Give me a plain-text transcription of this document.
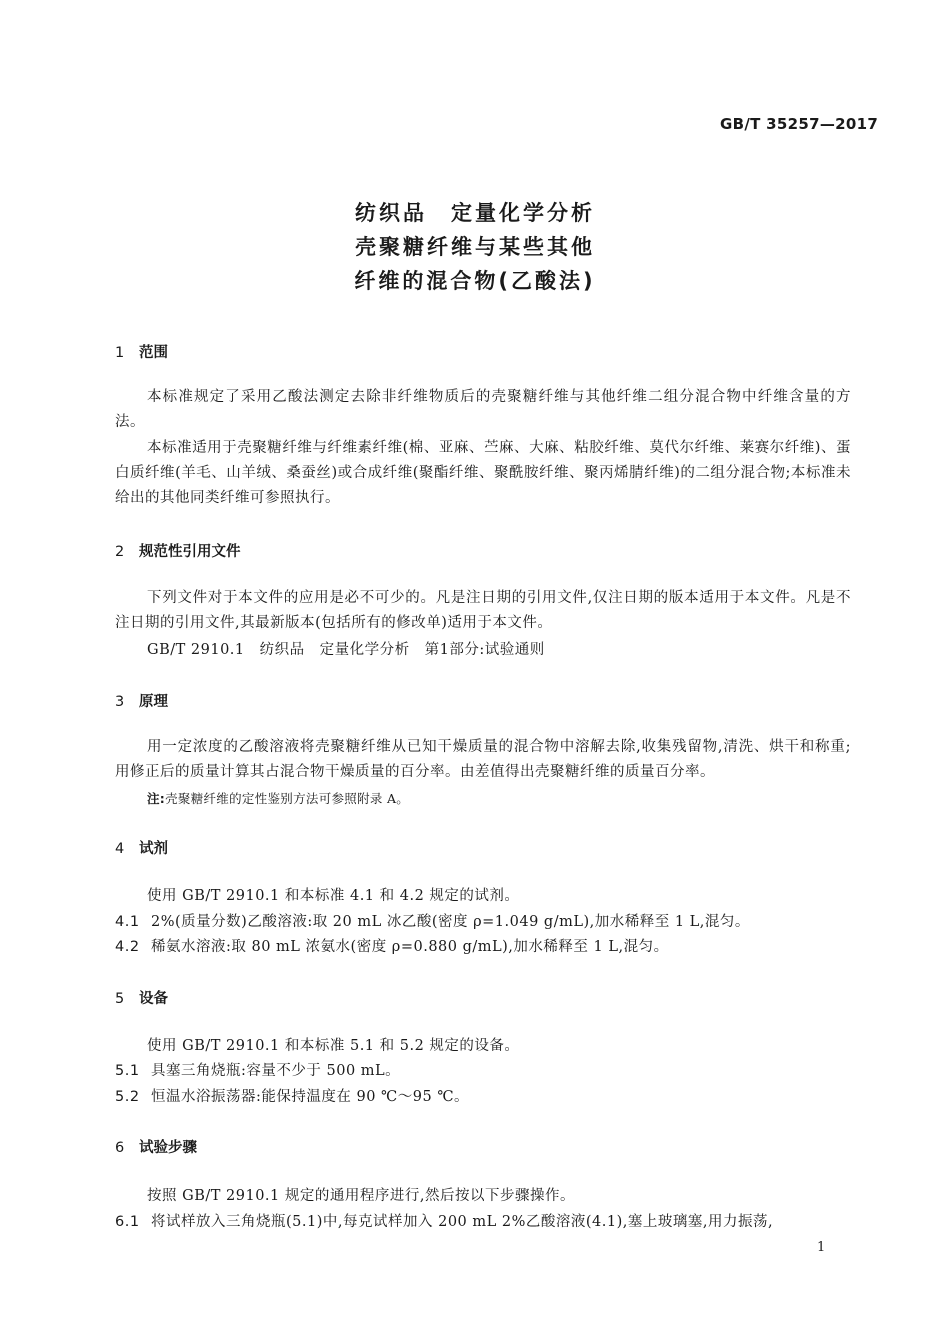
GB/T 35257—2017
纺织品　定量化学分析
壳聚糖纤维与某些其他
纤维的混合物(乙酸法)
1 范围
本标准规定了采用乙酸法测定去除非纤维物质后的壳聚糖纤维与其他纤维二组分混合物中纤维含量的方法。
本标准适用于壳聚糖纤维与纤维素纤维(棉、亚麻、苎麻、大麻、粘胶纤维、莫代尔纤维、莱赛尔纤维)、蛋白质纤维(羊毛、山羊绒、桑蚕丝)或合成纤维(聚酯纤维、聚酰胺纤维、聚丙烯腈纤维)的二组分混合物;本标准未给出的其他同类纤维可参照执行。
2 规范性引用文件
下列文件对于本文件的应用是必不可少的。凡是注日期的引用文件,仅注日期的版本适用于本文件。凡是不注日期的引用文件,其最新版本(包括所有的修改单)适用于本文件。
GB/T 2910.1　纺织品　定量化学分析　第1部分:试验通则
3 原理
用一定浓度的乙酸溶液将壳聚糖纤维从已知干燥质量的混合物中溶解去除,收集残留物,清洗、烘干和称重;用修正后的质量计算其占混合物干燥质量的百分率。由差值得出壳聚糖纤维的质量百分率。
注:壳聚糖纤维的定性鉴别方法可参照附录 A。
4 试剂
使用 GB/T 2910.1 和本标准 4.1 和 4.2 规定的试剂。
4.1 2%(质量分数)乙酸溶液:取 20 mL 冰乙酸(密度 ρ=1.049 g/mL),加水稀释至 1 L,混匀。
4.2 稀氨水溶液:取 80 mL 浓氨水(密度 ρ=0.880 g/mL),加水稀释至 1 L,混匀。
5 设备
使用 GB/T 2910.1 和本标准 5.1 和 5.2 规定的设备。
5.1 具塞三角烧瓶:容量不少于 500 mL。
5.2 恒温水浴振荡器:能保持温度在 90 ℃～95 ℃。
6 试验步骤
按照 GB/T 2910.1 规定的通用程序进行,然后按以下步骤操作。
6.1 将试样放入三角烧瓶(5.1)中,每克试样加入 200 mL 2%乙酸溶液(4.1),塞上玻璃塞,用力振荡,
1
